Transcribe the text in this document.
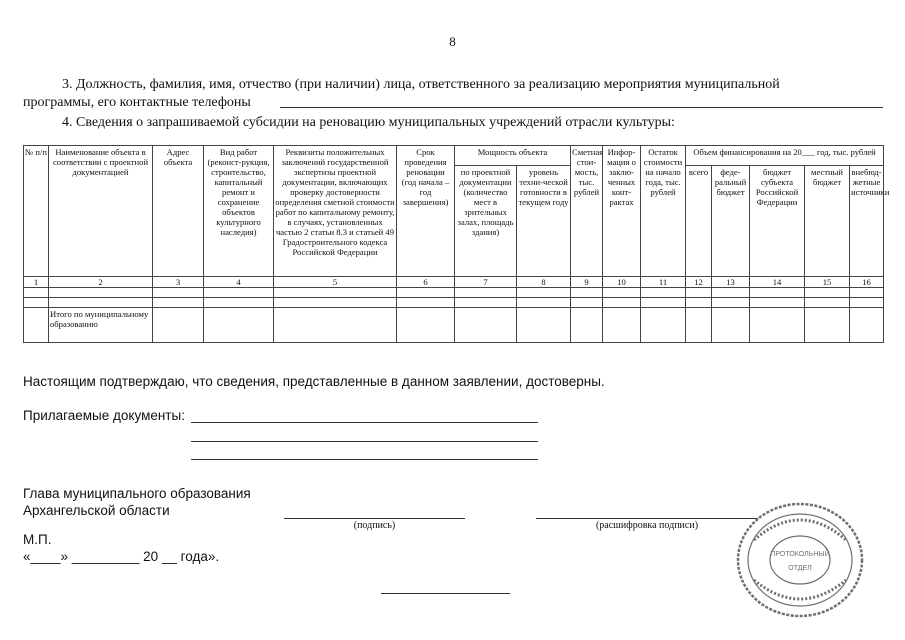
8
3. Должность, фамилия, имя, отчество (при наличии) лица, ответственного за реализацию мероприятия муниципальной
программы, его контактные телефоны
4. Сведения о запрашиваемой субсидии на реновацию муниципальных учреждений отрасли культуры:
№ п/п	Наименование объекта в соответствии с проектной документацией	Адрес объекта	Вид работ (реконст-рукция, строительство, капитальный ремонт и сохранение объектов культурного наследия)	Реквизиты положительных заключений государственной экспертизы проектной документации, включающих проверку достоверности определения сметной стоимости работ по капитальному ремонту, в случаях, установленных частью 2 статьи 8.3 и статьей 49 Градостроительного кодекса Российской Федерации	Срок проведения реновации (год начала – год завершения)	Мощность объекта		Сметная стои-мость, тыс. рублей	Инфор-мация о заклю-ченных конт-рактах	Остаток стоимости на начало года, тыс. рублей	Объем финансирования на 20___ год, тыс. рублей				
						по проектной документации (количество мест в зрительных залах, площадь здания)	уровень техни-ческой готовности в текущем году				всего	феде-ральный бюджет	бюджет субъекта Российской Федерации	местный бюджет	внебюд-жетные источники
1	2	3	4	5	6	7	8	9	10	11	12	13	14	15	16

	Итого по муниципальному образованию														
Настоящим подтверждаю, что сведения, представленные в данном заявлении, достоверны.
Прилагаемые документы:
Глава муниципального образования
Архангельской области
(подпись)	(расшифровка подписи)
М.П.
«____» _________ 20 __ года».	ПРОТОКОЛЬНЫЙ
ОТДЕЛ
